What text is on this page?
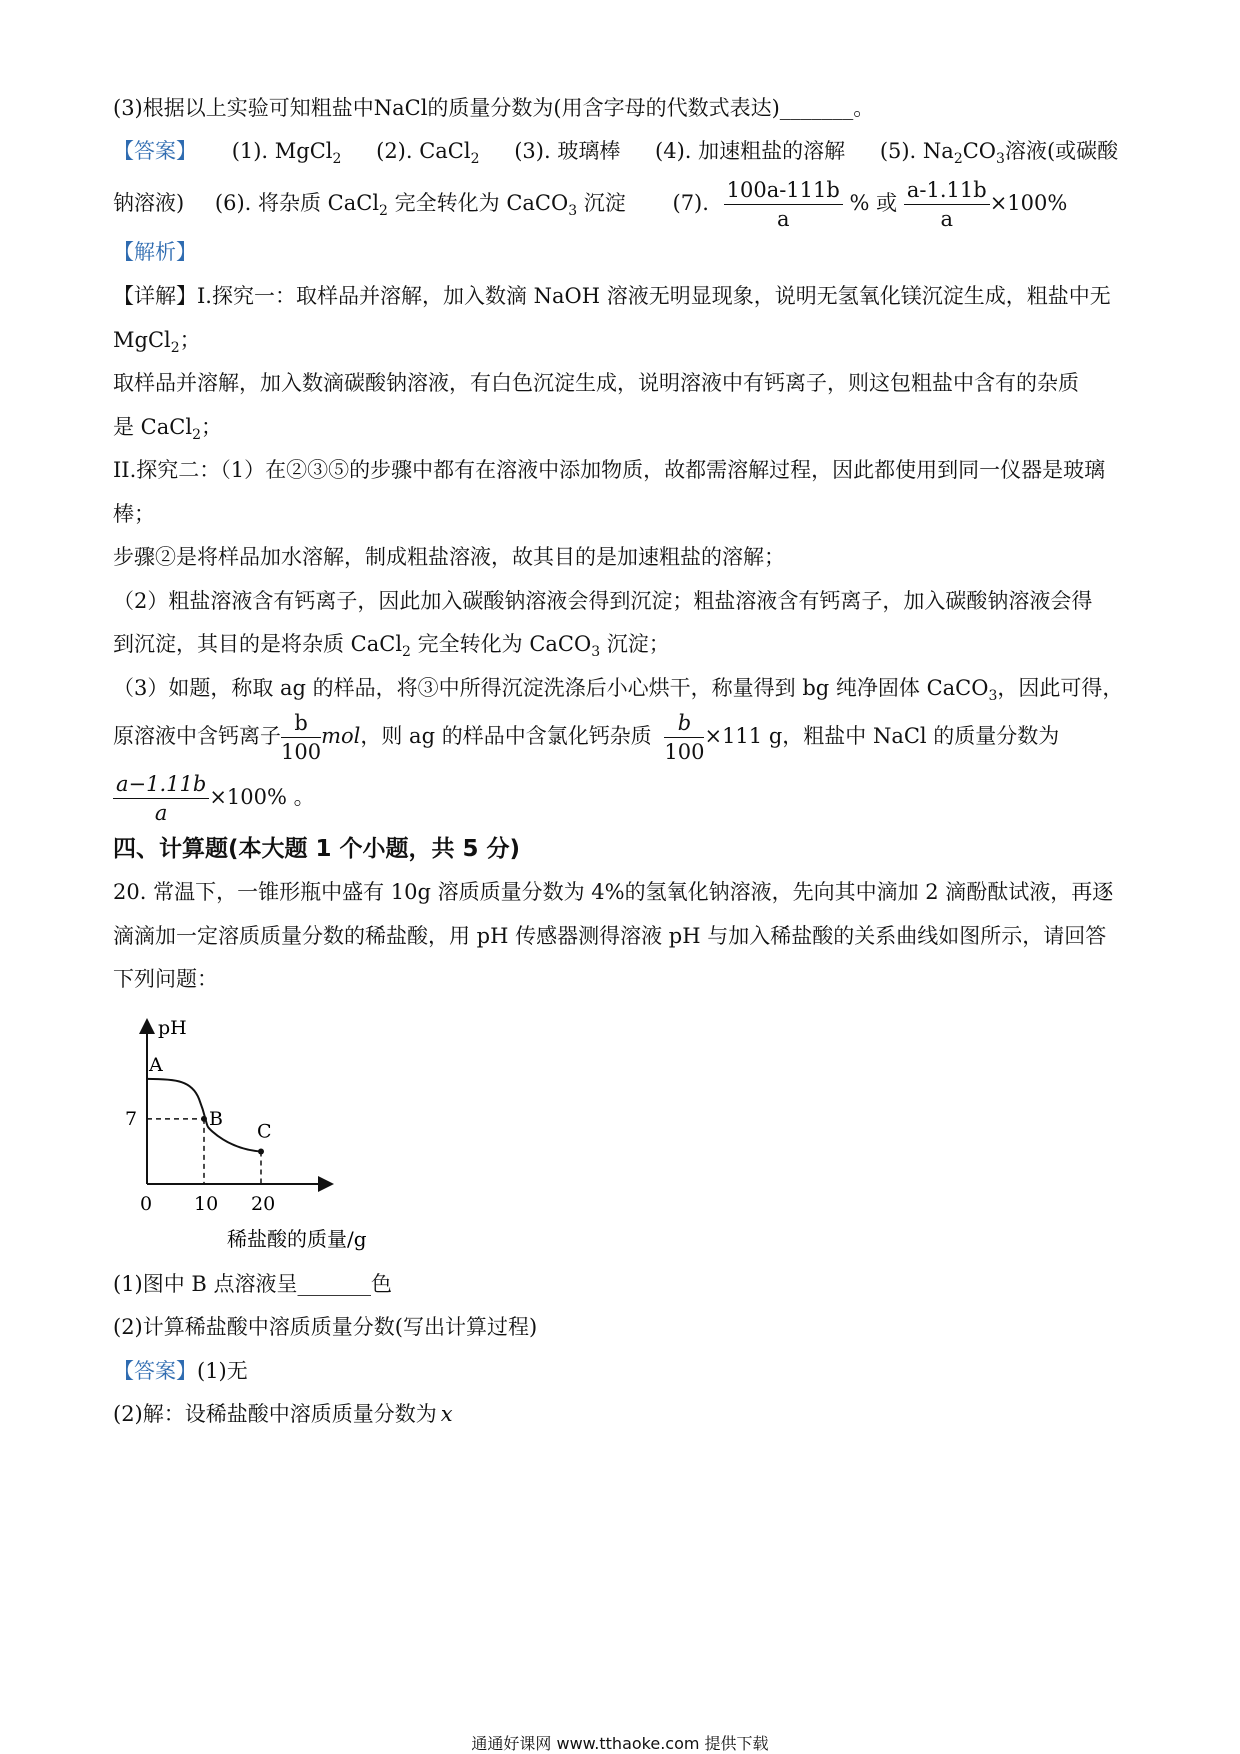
(3)根据以上实验可知粗盐中NaCl的质量分数为(用含字母的代数式表达)_______。
【答案】 (1). MgCl$_2$ (2). CaCl$_2$ (3). 玻璃棒 (4). 加速粗盐的溶解 (5). $Na_2CO_3$溶液(或碳酸
钠溶液) (6). 将杂质 CaCl$_2$ 完全转化为 CaCO$_3$ 沉淀 (7). $\frac{100a-111b}{a}$ % 或 $\frac{a-1.11b}{a} \times 100\%$
【解析】
【详解】I.探究一：取样品并溶解，加入数滴 NaOH 溶液无明显现象，说明无氢氧化镁沉淀生成，粗盐中无
MgCl$_2$；
取样品并溶解，加入数滴碳酸钠溶液，有白色沉淀生成，说明溶液中有钙离子，则这包粗盐中含有的杂质
是 CaCl$_2$；
II.探究二：（1）在②③⑤的步骤中都有在溶液中添加物质，故都需溶解过程，因此都使用到同一仪器是玻璃
棒；
步骤②是将样品加水溶解，制成粗盐溶液，故其目的是加速粗盐的溶解；
（2）粗盐溶液含有钙离子，因此加入碳酸钠溶液会得到沉淀；粗盐溶液含有钙离子，加入碳酸钠溶液会得
到沉淀，其目的是将杂质 CaCl$_2$ 完全转化为 CaCO$_3$ 沉淀；
（3）如题，称取 ag 的样品，将③中所得沉淀洗涤后小心烘干，称量得到 bg 纯净固体 CaCO$_3$，因此可得，
原溶液中含钙离子 $\frac{b}{100}$ mol，则 ag 的样品中含氯化钙杂质 $\frac{b}{100} \times 111$ g，粗盐中 NaCl 的质量分数为
$\frac{a-1.11b}{a} \times 100\%$ 。
四、计算题(本大题 1 个小题，共 5 分)
20. 常温下，一锥形瓶中盛有 10g 溶质质量分数为 4%的氢氧化钠溶液，先向其中滴加 2 滴酚酞试液，再逐
滴滴加一定溶质质量分数的稀盐酸，用 pH 传感器测得溶液 pH 与加入稀盐酸的关系曲线如图所示，请回答
下列问题：
pH
0 10 20
7
A
B
C
稀盐酸的质量/g
(1)图中 B 点溶液呈_______色
(2)计算稀盐酸中溶质质量分数(写出计算过程)
【答案】(1)无
(2)解：设稀盐酸中溶质质量分数为 x
通通好课网 www.tthaoke.com 提供下载
